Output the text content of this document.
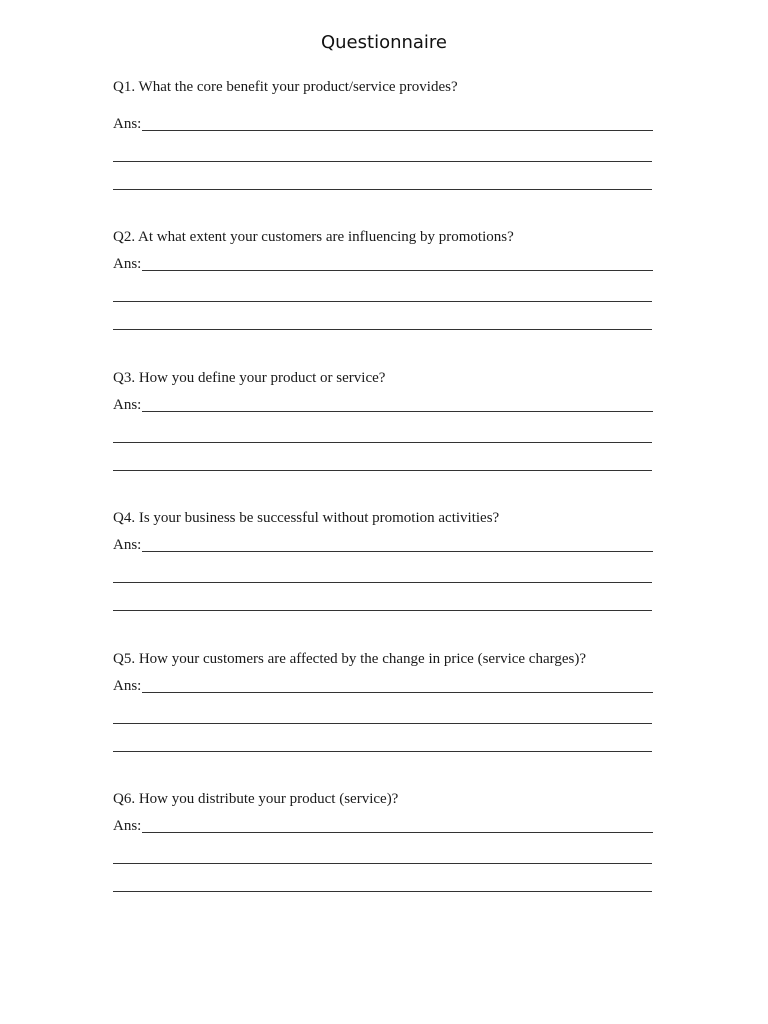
Questionnaire
Q1. What the core benefit your product/service provides?
Ans:
Q2. At what extent your customers are influencing by promotions?
Ans:
Q3. How you define your product or service?
Ans:
Q4. Is your business be successful without promotion activities?
Ans:
Q5. How your customers are affected by the change in price (service charges)?
Ans:
Q6. How you distribute your product (service)?
Ans:
